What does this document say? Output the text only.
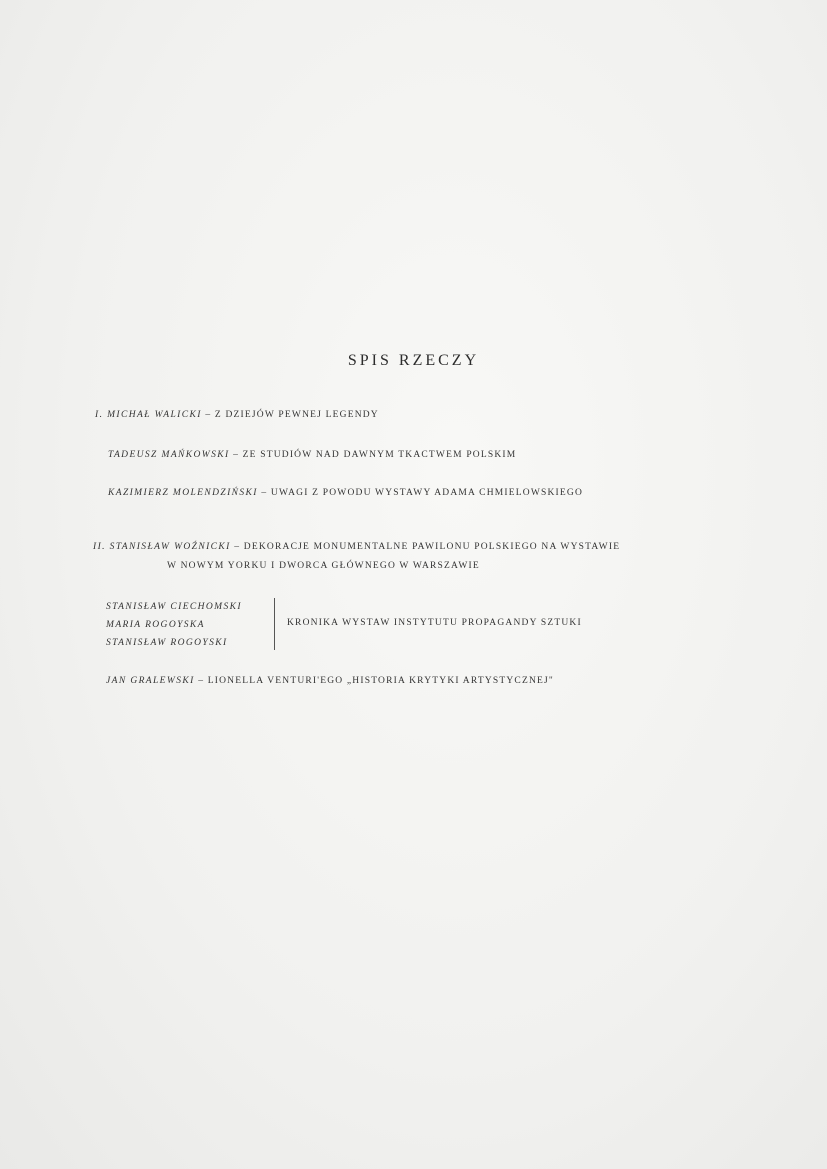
SPIS RZECZY
I. MICHAŁ WALICKI – Z DZIEJÓW PEWNEJ LEGENDY
TADEUSZ MAŃKOWSKI – ZE STUDIÓW NAD DAWNYM TKACTWEM POLSKIM
KAZIMIERZ MOLENDZIŃSKI – UWAGI Z POWODU WYSTAWY ADAMA CHMIELOWSKIEGO
II. STANISŁAW WOŹNICKI – DEKORACJE MONUMENTALNE PAWILONU POLSKIEGO NA WYSTAWIE
W NOWYM YORKU I DWORCA GŁÓWNEGO W WARSZAWIE
STANISŁAW CIECHOMSKI
MARIA ROGOYSKA
STANISŁAW ROGOYSKI
KRONIKA WYSTAW INSTYTUTU PROPAGANDY SZTUKI
JAN GRALEWSKI – LIONELLA VENTURI'EGO „HISTORIA KRYTYKI ARTYSTYCZNEJ"
